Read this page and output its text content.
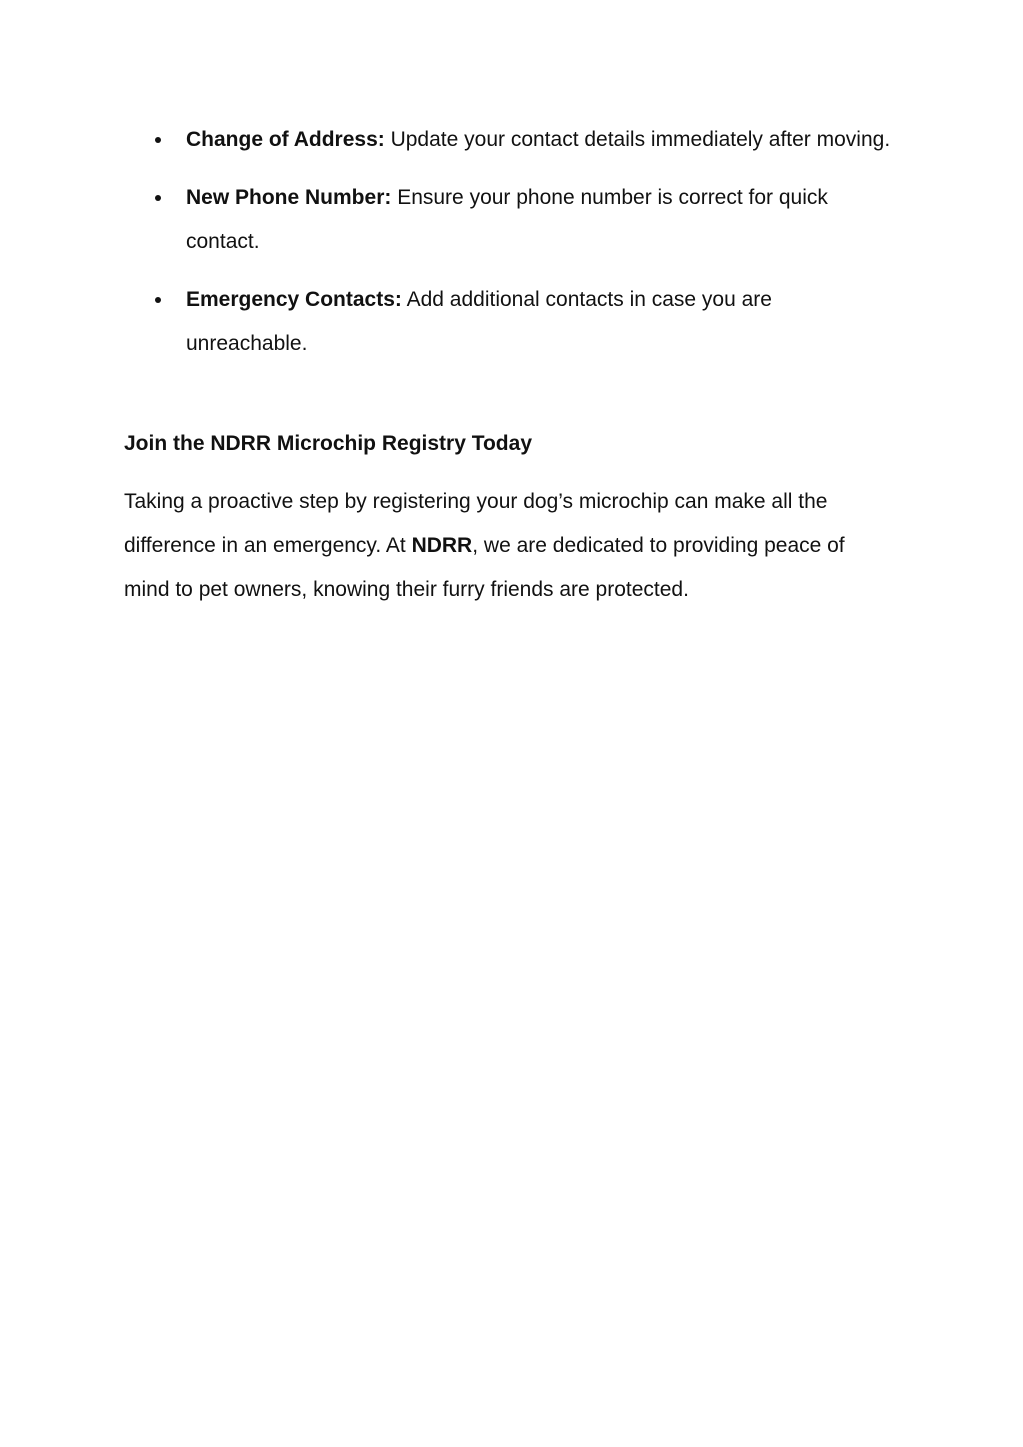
Change of Address: Update your contact details immediately after moving.
New Phone Number: Ensure your phone number is correct for quick contact.
Emergency Contacts: Add additional contacts in case you are unreachable.
Join the NDRR Microchip Registry Today

Taking a proactive step by registering your dog’s microchip can make all the difference in an emergency. At NDRR, we are dedicated to providing peace of mind to pet owners, knowing their furry friends are protected.
